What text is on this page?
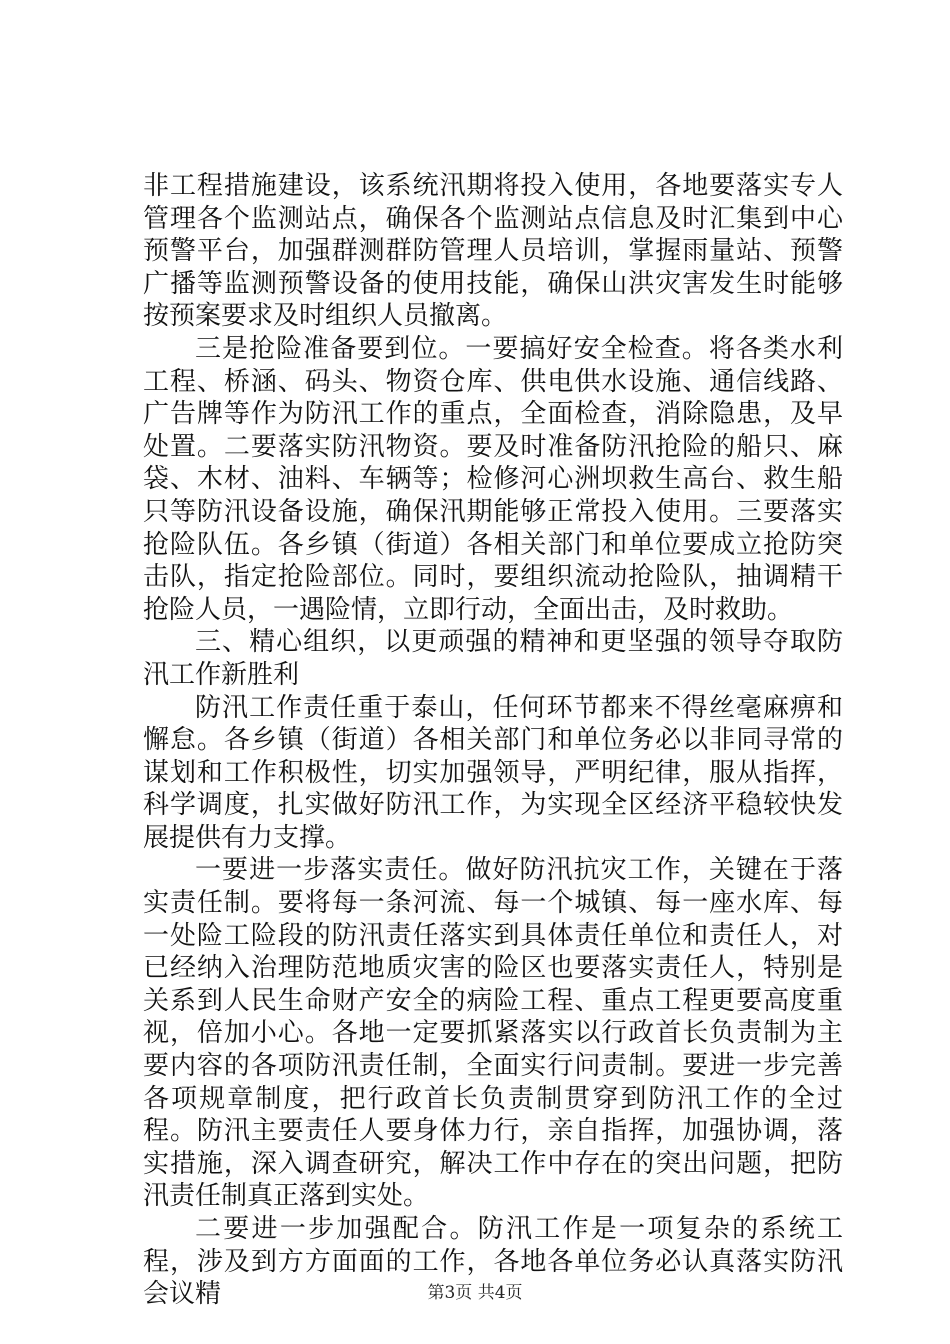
非工程措施建设，该系统汛期将投入使用，各地要落实专人管理各个监测站点，确保各个监测站点信息及时汇集到中心预警平台，加强群测群防管理人员培训，掌握雨量站、预警广播等监测预警设备的使用技能，确保山洪灾害发生时能够按预案要求及时组织人员撤离。

三是抢险准备要到位。一要搞好安全检查。将各类水利工程、桥涵、码头、物资仓库、供电供水设施、通信线路、广告牌等作为防汛工作的重点，全面检查，消除隐患，及早处置。二要落实防汛物资。要及时准备防汛抢险的船只、麻袋、木材、油料、车辆等；检修河心洲坝救生高台、救生船只等防汛设备设施，确保汛期能够正常投入使用。三要落实抢险队伍。各乡镇（街道）各相关部门和单位要成立抢防突击队，指定抢险部位。同时，要组织流动抢险队，抽调精干抢险人员，一遇险情，立即行动，全面出击，及时救助。

三、精心组织，以更顽强的精神和更坚强的领导夺取防汛工作新胜利

防汛工作责任重于泰山，任何环节都来不得丝毫麻痹和懈怠。各乡镇（街道）各相关部门和单位务必以非同寻常的谋划和工作积极性，切实加强领导，严明纪律，服从指挥，科学调度，扎实做好防汛工作，为实现全区经济平稳较快发展提供有力支撑。

一要进一步落实责任。做好防汛抗灾工作，关键在于落实责任制。要将每一条河流、每一个城镇、每一座水库、每一处险工险段的防汛责任落实到具体责任单位和责任人，对已经纳入治理防范地质灾害的险区也要落实责任人，特别是关系到人民生命财产安全的病险工程、重点工程更要高度重视，倍加小心。各地一定要抓紧落实以行政首长负责制为主要内容的各项防汛责任制，全面实行问责制。要进一步完善各项规章制度，把行政首长负责制贯穿到防汛工作的全过程。防汛主要责任人要身体力行，亲自指挥，加强协调，落实措施，深入调查研究，解决工作中存在的突出问题，把防汛责任制真正落到实处。

二要进一步加强配合。防汛工作是一项复杂的系统工程，涉及到方方面面的工作，各地各单位务必认真落实防汛会议精	第3页 共4页
